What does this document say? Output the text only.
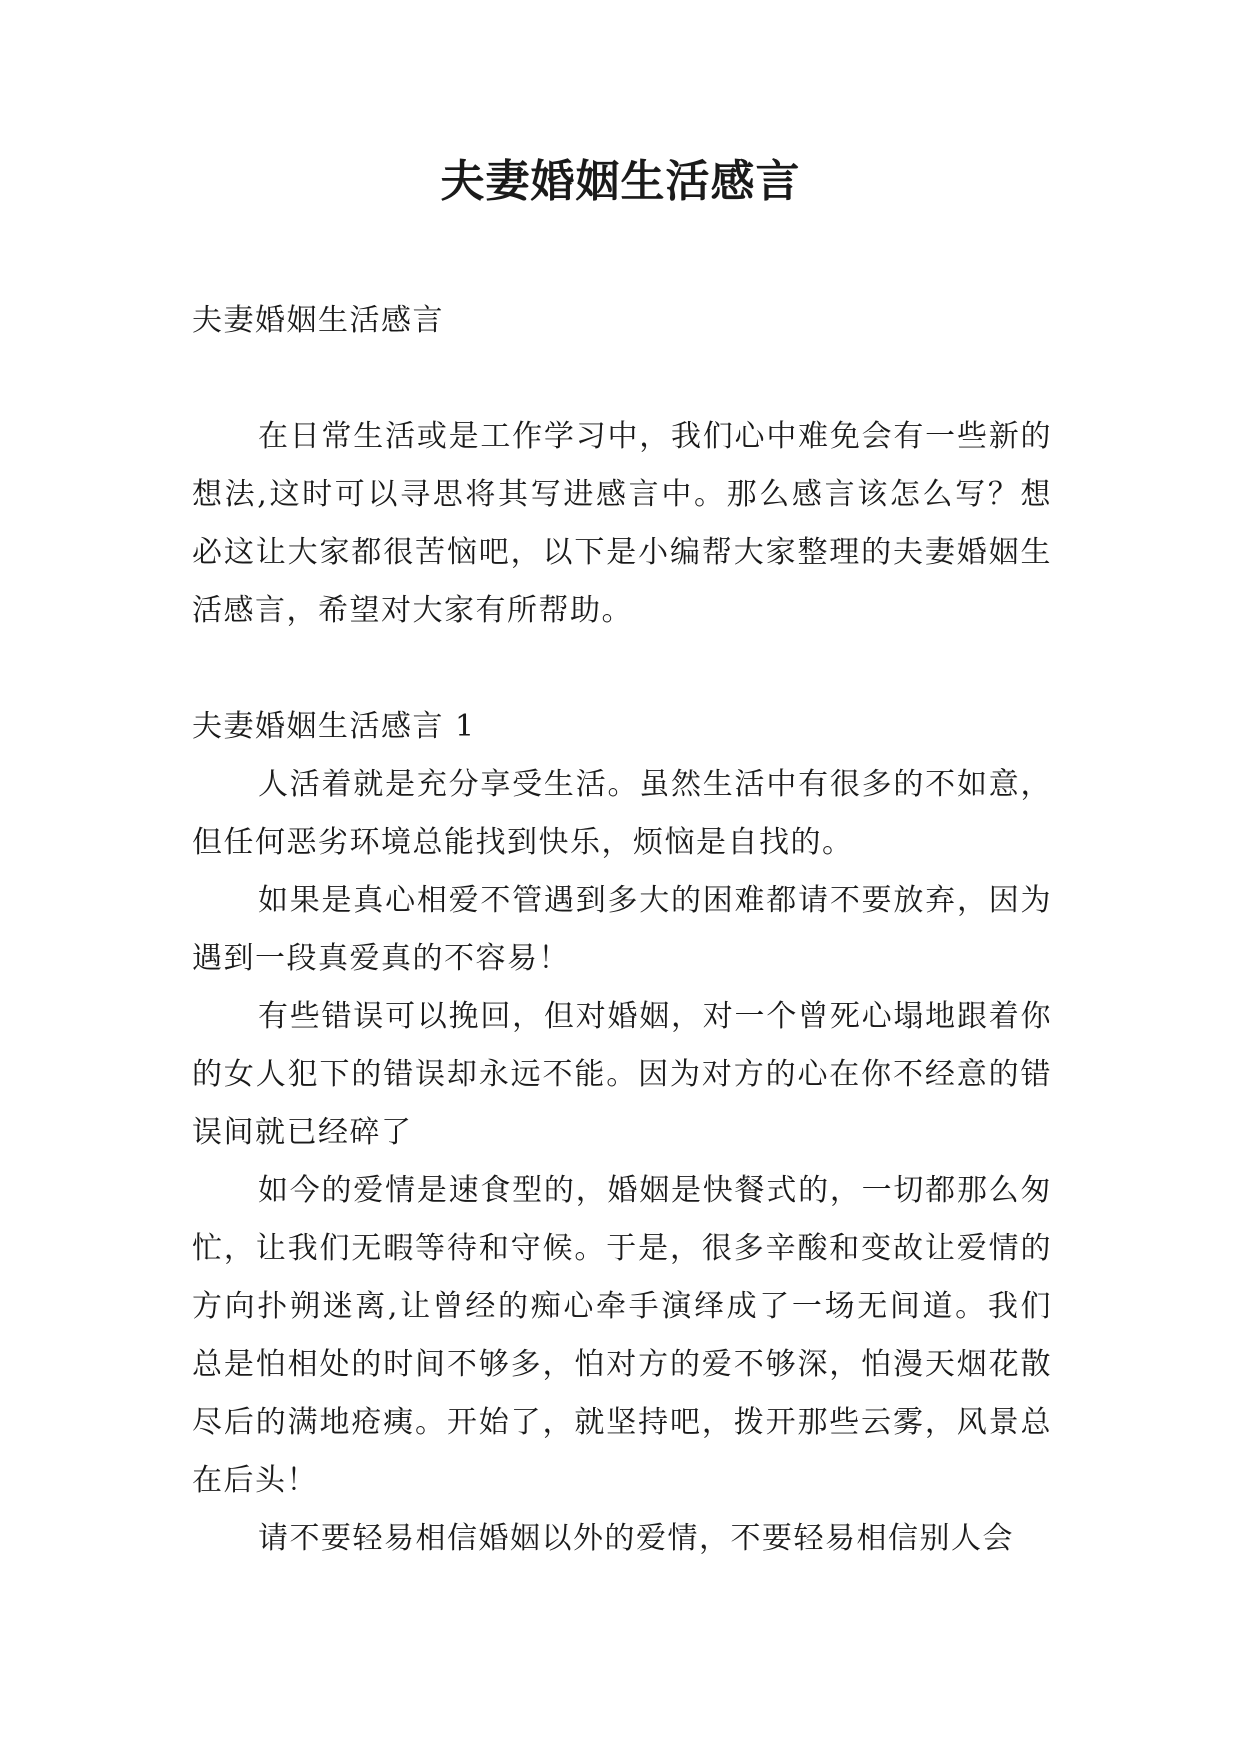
夫妻婚姻生活感言

夫妻婚姻生活感言

在日常生活或是工作学习中，我们心中难免会有一些新的想法,这时可以寻思将其写进感言中。那么感言该怎么写？想必这让大家都很苦恼吧，以下是小编帮大家整理的夫妻婚姻生活感言，希望对大家有所帮助。

夫妻婚姻生活感言 1

人活着就是充分享受生活。虽然生活中有很多的不如意，但任何恶劣环境总能找到快乐，烦恼是自找的。

如果是真心相爱不管遇到多大的困难都请不要放弃，因为遇到一段真爱真的不容易！

有些错误可以挽回，但对婚姻，对一个曾死心塌地跟着你的女人犯下的错误却永远不能。因为对方的心在你不经意的错误间就已经碎了

如今的爱情是速食型的，婚姻是快餐式的，一切都那么匆忙，让我们无暇等待和守候。于是，很多辛酸和变故让爱情的方向扑朔迷离,让曾经的痴心牵手演绎成了一场无间道。我们总是怕相处的时间不够多，怕对方的爱不够深，怕漫天烟花散尽后的满地疮痍。开始了，就坚持吧，拨开那些云雾，风景总在后头！

请不要轻易相信婚姻以外的爱情，不要轻易相信别人会
